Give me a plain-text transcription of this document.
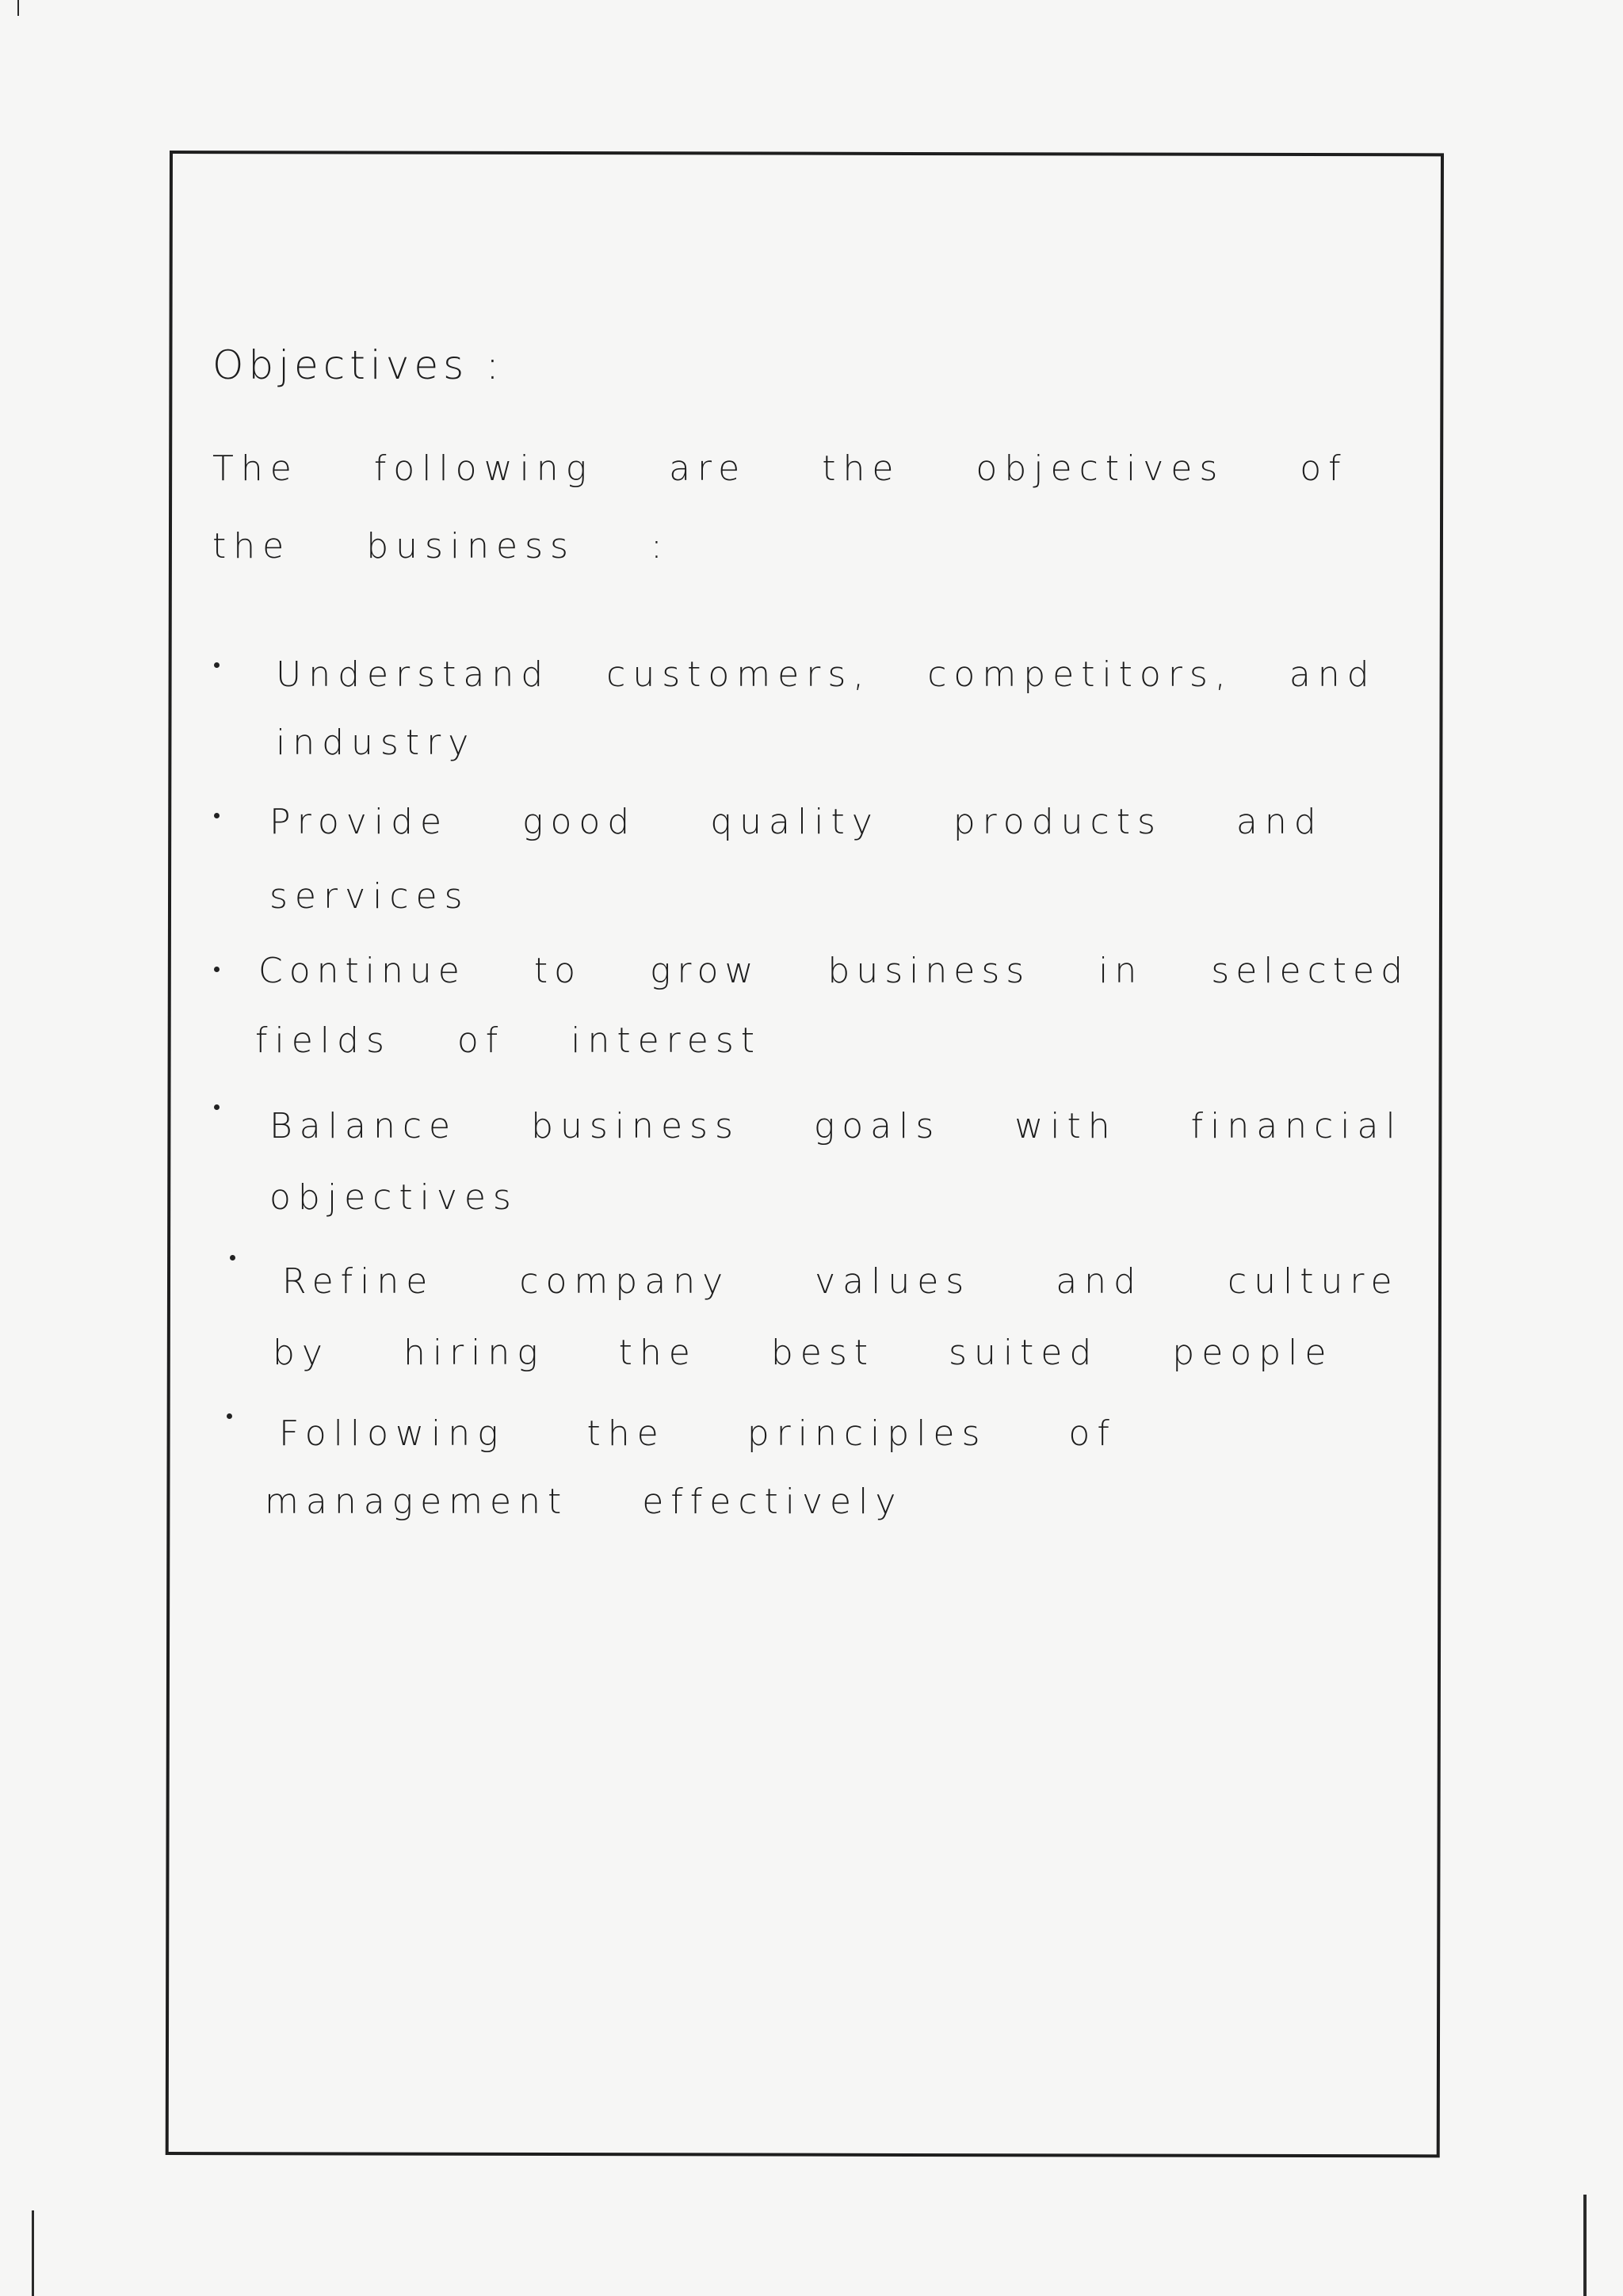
Objectives :
The following are the objectives of
the business :
Understand customers, competitors, and
industry
Provide good quality products and
services
Continue to grow business in selected
fields of interest
Balance business goals with financial
objectives
Refine company values and culture
by hiring the best suited people
Following the principles of
management effectively
